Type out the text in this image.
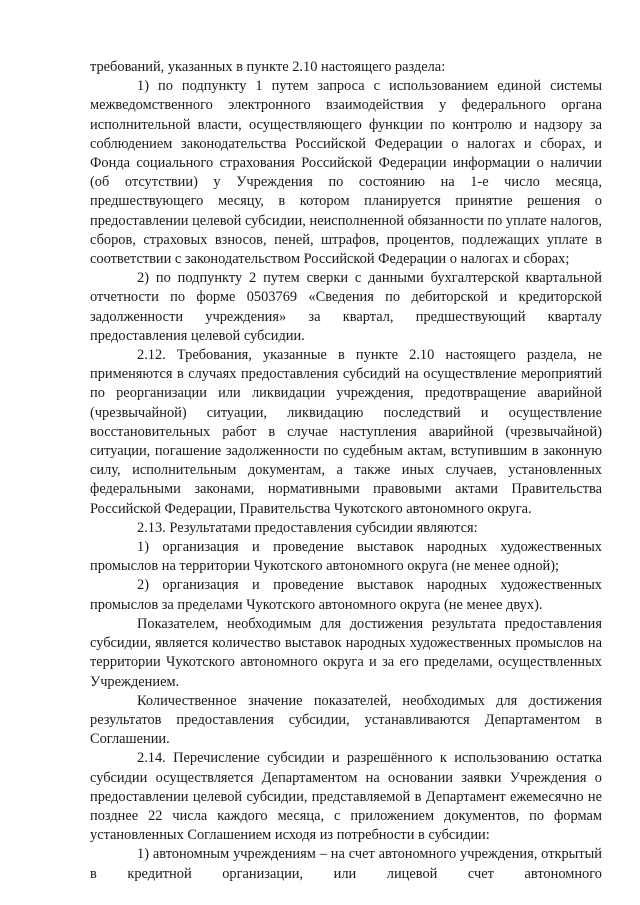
требований, указанных в пункте 2.10 настоящего раздела:

1) по подпункту 1 путем запроса с использованием единой системы межведомственного электронного взаимодействия у федерального органа исполнительной власти, осуществляющего функции по контролю и надзору за соблюдением законодательства Российской Федерации о налогах и сборах, и Фонда социального страхования Российской Федерации информации о наличии (об отсутствии) у Учреждения по состоянию на 1-е число месяца, предшествующего месяцу, в котором планируется принятие решения о предоставлении целевой субсидии, неисполненной обязанности по уплате налогов, сборов, страховых взносов, пеней, штрафов, процентов, подлежащих уплате в соответствии с законодательством Российской Федерации о налогах и сборах;

2) по подпункту 2 путем сверки с данными бухгалтерской квартальной отчетности по форме 0503769 «Сведения по дебиторской и кредиторской задолженности учреждения» за квартал, предшествующий кварталу предоставления целевой субсидии.

2.12. Требования, указанные в пункте 2.10 настоящего раздела, не применяются в случаях предоставления субсидий на осуществление мероприятий по реорганизации или ликвидации учреждения, предотвращение аварийной (чрезвычайной) ситуации, ликвидацию последствий и осуществление восстановительных работ в случае наступления аварийной (чрезвычайной) ситуации, погашение задолженности по судебным актам, вступившим в законную силу, исполнительным документам, а также иных случаев, установленных федеральными законами, нормативными правовыми актами Правительства Российской Федерации, Правительства Чукотского автономного округа.

2.13. Результатами предоставления субсидии являются:

1) организация и проведение выставок народных художественных промыслов на территории Чукотского автономного округа (не менее одной);

2) организация и проведение выставок народных художественных промыслов за пределами Чукотского автономного округа (не менее двух).

Показателем, необходимым для достижения результата предоставления субсидии, является количество выставок народных художественных промыслов на территории Чукотского автономного округа и за его пределами, осуществленных Учреждением.

Количественное значение показателей, необходимых для достижения результатов предоставления субсидии, устанавливаются Департаментом в Соглашении.

2.14. Перечисление субсидии и разрешённого к использованию остатка субсидии осуществляется Департаментом на основании заявки Учреждения о предоставлении целевой субсидии, представляемой в Департамент ежемесячно не позднее 22 числа каждого месяца, с приложением документов, по формам установленных Соглашением исходя из потребности в субсидии:

1) автономным учреждениям – на счет автономного учреждения, открытый в кредитной организации, или лицевой счет автономного
